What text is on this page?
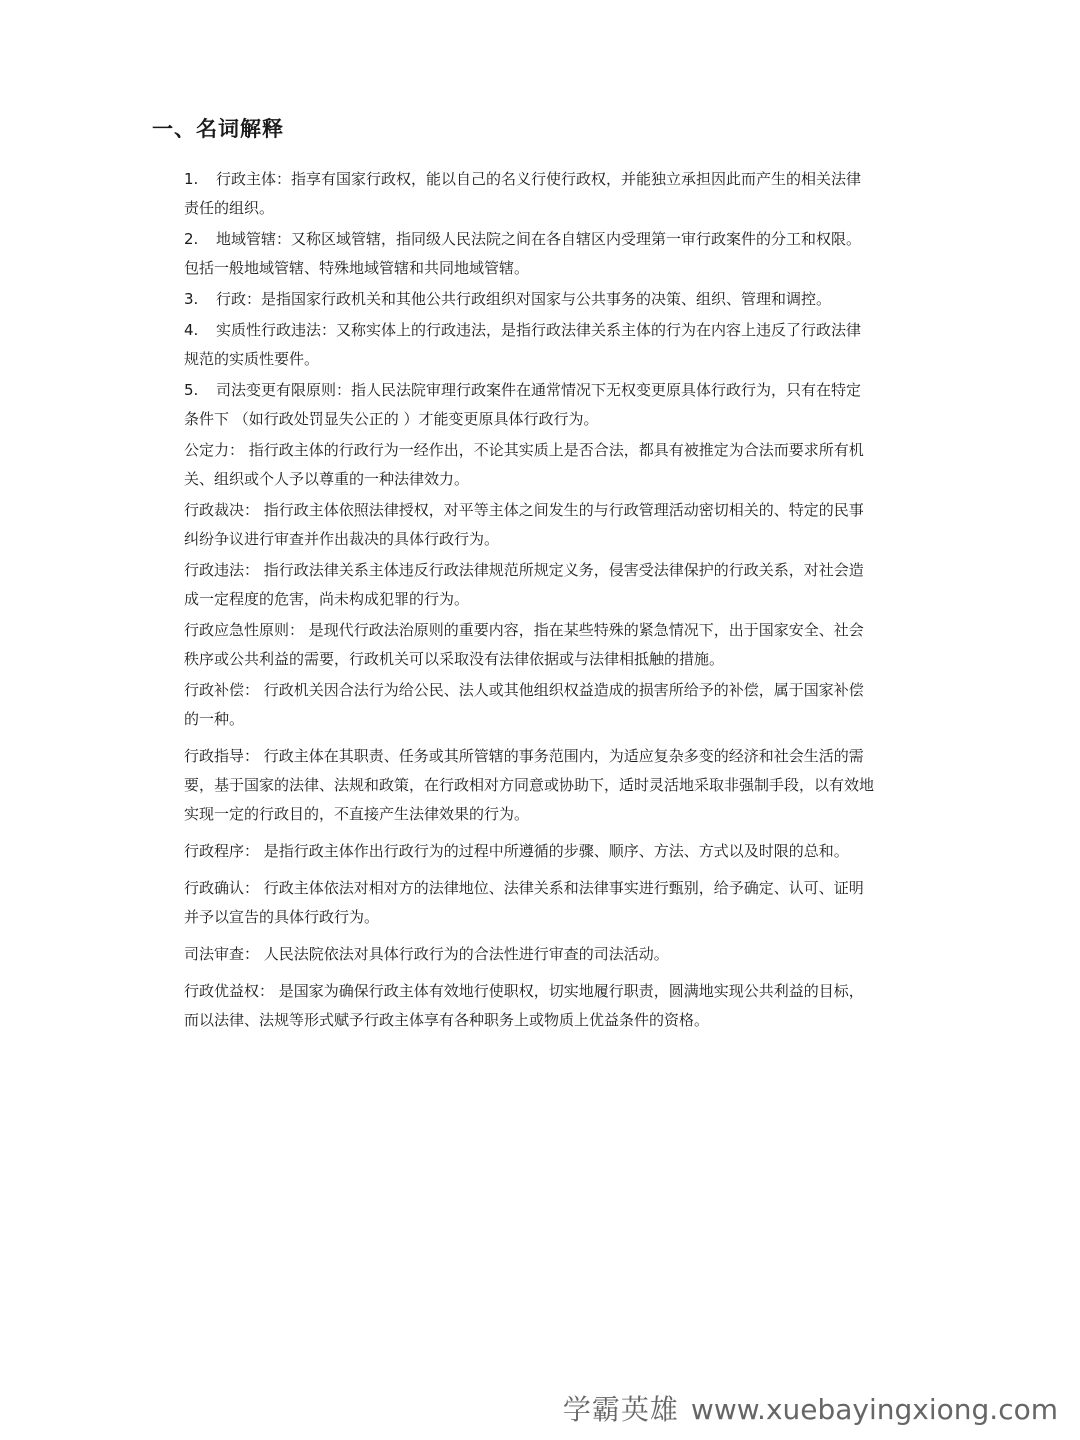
一、名词解释

1. 行政主体：指享有国家行政权，能以自己的名义行使行政权，并能独立承担因此而产生的相关法律责任的组织。

2. 地域管辖：又称区域管辖，指同级人民法院之间在各自辖区内受理第一审行政案件的分工和权限。包括一般地域管辖、特殊地域管辖和共同地域管辖。

3. 行政：是指国家行政机关和其他公共行政组织对国家与公共事务的决策、组织、管理和调控。

4. 实质性行政违法：又称实体上的行政违法，是指行政法律关系主体的行为在内容上违反了行政法律规范的实质性要件。

5. 司法变更有限原则：指人民法院审理行政案件在通常情况下无权变更原具体行政行为，只有在特定条件下 （如行政处罚显失公正的 ）才能变更原具体行政行为。

公定力： 指行政主体的行政行为一经作出，不论其实质上是否合法，都具有被推定为合法而要求所有机关、组织或个人予以尊重的一种法律效力。

行政裁决： 指行政主体依照法律授权，对平等主体之间发生的与行政管理活动密切相关的、特定的民事纠纷争议进行审查并作出裁决的具体行政行为。

行政违法： 指行政法律关系主体违反行政法律规范所规定义务，侵害受法律保护的行政关系，对社会造成一定程度的危害，尚未构成犯罪的行为。

行政应急性原则： 是现代行政法治原则的重要内容，指在某些特殊的紧急情况下，出于国家安全、社会秩序或公共利益的需要，行政机关可以采取没有法律依据或与法律相抵触的措施。

行政补偿： 行政机关因合法行为给公民、法人或其他组织权益造成的损害所给予的补偿，属于国家补偿的一种。

行政指导： 行政主体在其职责、任务或其所管辖的事务范围内，为适应复杂多变的经济和社会生活的需要，基于国家的法律、法规和政策，在行政相对方同意或协助下，适时灵活地采取非强制手段，以有效地实现一定的行政目的，不直接产生法律效果的行为。

行政程序： 是指行政主体作出行政行为的过程中所遵循的步骤、顺序、方法、方式以及时限的总和。

行政确认： 行政主体依法对相对方的法律地位、法律关系和法律事实进行甄别，给予确定、认可、证明并予以宣告的具体行政行为。

司法审查： 人民法院依法对具体行政行为的合法性进行审查的司法活动。

行政优益权： 是国家为确保行政主体有效地行使职权，切实地履行职责，圆满地实现公共利益的目标，而以法律、法规等形式赋予行政主体享有各种职务上或物质上优益条件的资格。

学霸英雄 www.xuebayingxiong.com
